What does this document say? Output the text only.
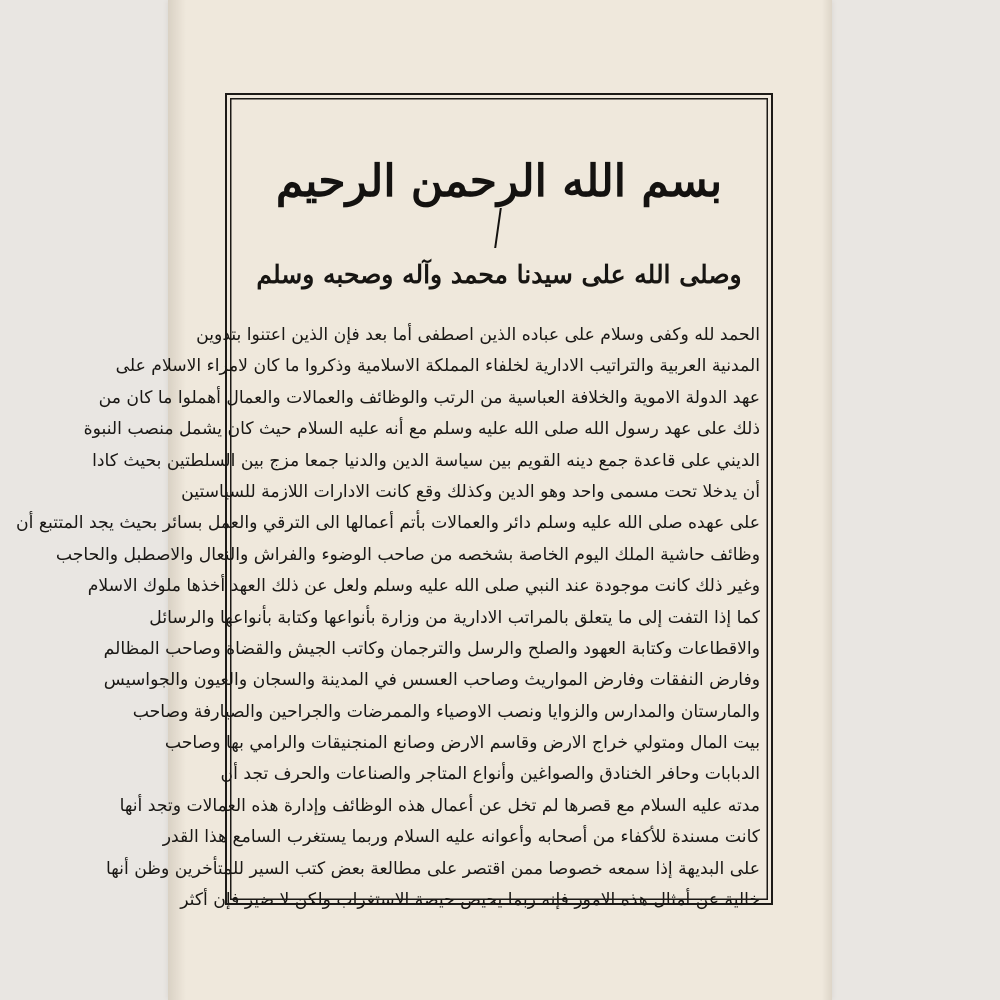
بسم الله الرحمن الرحيم
وصلى الله على سيدنا محمد وآله وصحبه وسلم
الحمد لله وكفى وسلام على عباده الذين اصطفى أما بعد فإن الذين اعتنوا بتدوين
المدنية العربية والتراتيب الادارية لخلفاء المملكة الاسلامية وذكروا ما كان لامراء الاسلام على
عهد الدولة الاموية والخلافة العباسية من الرتب والوظائف والعمالات والعمال أهملوا ما كان من
ذلك على عهد رسول الله صلى الله عليه وسلم مع أنه عليه السلام حيث كان يشمل منصب النبوة
الديني على قاعدة جمع دينه القويم بين سياسة الدين والدنيا جمعا مزج بين السلطتين بحيث كادا
أن يدخلا تحت مسمى واحد وهو الدين وكذلك وقع كانت الادارات اللازمة للسياستين
على عهده صلى الله عليه وسلم دائر والعمالات بأتم أعمالها الى الترقي والعمل بسائر بحيث يجد المتتبع أن
وظائف حاشية الملك اليوم الخاصة بشخصه من صاحب الوضوء والفراش والنعال والاصطبل والحاجب
وغير ذلك كانت موجودة عند النبي صلى الله عليه وسلم ولعل عن ذلك العهد أخذها ملوك الاسلام
كما إذا التفت إلى ما يتعلق بالمراتب الادارية من وزارة بأنواعها وكتابة بأنواعها والرسائل
والاقطاعات وكتابة العهود والصلح والرسل والترجمان وكاتب الجيش والقضاة وصاحب المظالم
وفارض النفقات وفارض المواريث وصاحب العسس في المدينة والسجان والعيون والجواسيس
والمارستان والمدارس والزوايا ونصب الاوصياء والممرضات والجراحين والصيارفة وصاحب
بيت المال ومتولي خراج الارض وقاسم الارض وصانع المنجنيقات والرامي بها وصاحب
الدبابات وحافر الخنادق والصواغين وأنواع المتاجر والصناعات والحرف تجد أن
مدته عليه السلام مع قصرها لم تخل عن أعمال هذه الوظائف وإدارة هذه العمالات وتجد أنها
كانت مسندة للأكفاء من أصحابه وأعوانه عليه السلام وربما يستغرب السامع هذا القدر
على البديهة إذا سمعه خصوصا ممن اقتصر على مطالعة بعض كتب السير للمتأخرين وظن أنها
خالية عن أمثال هذه الامور فإنه ربما يحيص حيصة الاستغراب ولكن لا ضير فإن أكثر
